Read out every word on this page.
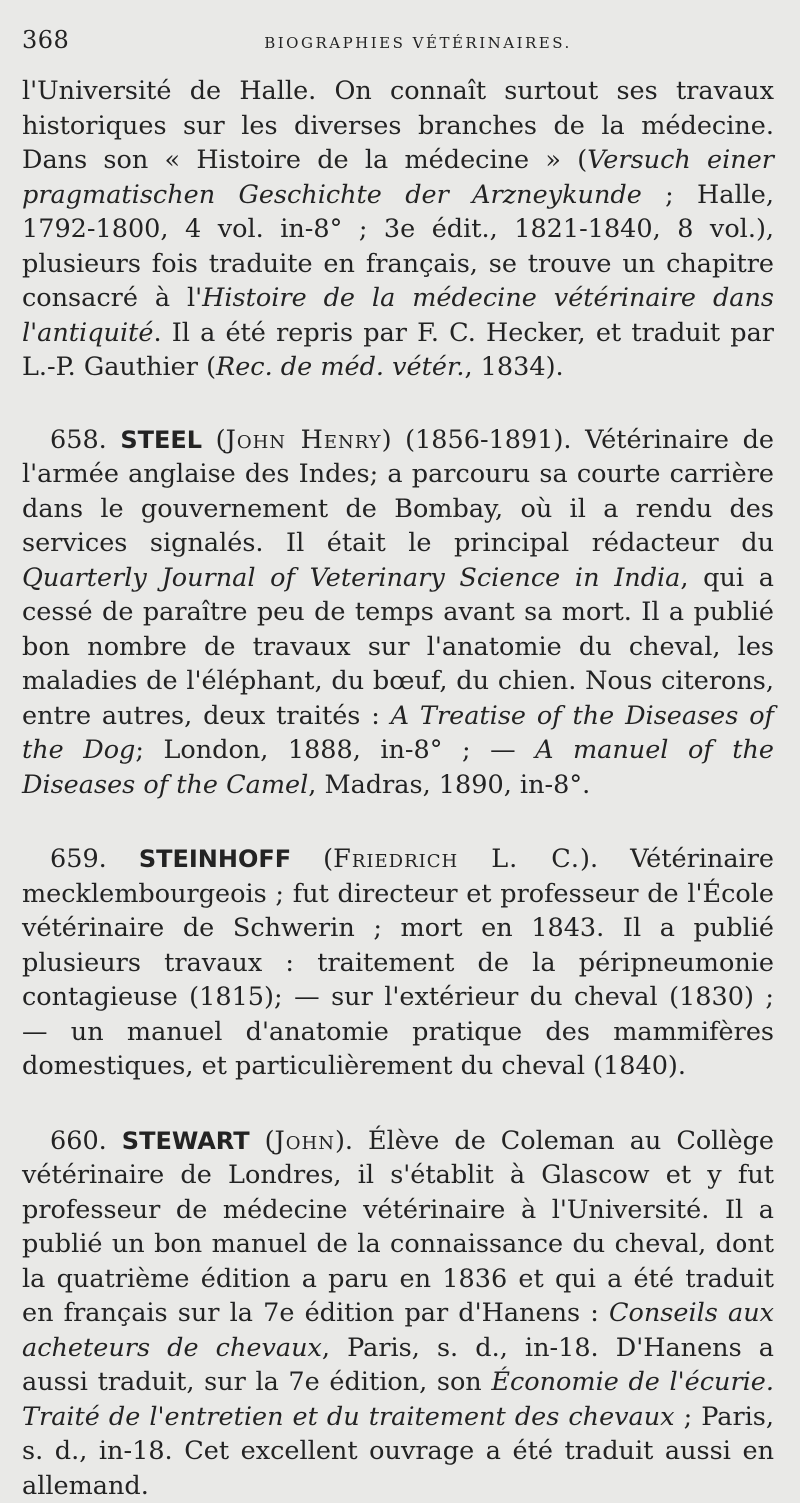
368	BIOGRAPHIES VÉTÉRINAIRES.

l'Université de Halle. On connaît surtout ses travaux historiques sur les diverses branches de la médecine. Dans son « Histoire de la médecine » (Versuch einer pragmatischen Geschichte der Arzneykunde ; Halle, 1792-1800, 4 vol. in-8° ; 3e édit., 1821-1840, 8 vol.), plusieurs fois traduite en français, se trouve un chapitre consacré à l'Histoire de la médecine vétérinaire dans l'antiquité. Il a été repris par F. C. Hecker, et traduit par L.-P. Gauthier (Rec. de méd. vétér., 1834).

658. STEEL (John Henry) (1856-1891). Vétérinaire de l'armée anglaise des Indes; a parcouru sa courte carrière dans le gouvernement de Bombay, où il a rendu des services signalés. Il était le principal rédacteur du Quarterly Journal of Veterinary Science in India, qui a cessé de paraître peu de temps avant sa mort. Il a publié bon nombre de travaux sur l'anatomie du cheval, les maladies de l'éléphant, du bœuf, du chien. Nous citerons, entre autres, deux traités : A Treatise of the Diseases of the Dog; London, 1888, in-8° ; — A manuel of the Diseases of the Camel, Madras, 1890, in-8°.

659. STEINHOFF (Friedrich L. C.). Vétérinaire mecklembourgeois ; fut directeur et professeur de l'École vétérinaire de Schwerin ; mort en 1843. Il a publié plusieurs travaux : traitement de la péripneumonie contagieuse (1815); — sur l'extérieur du cheval (1830) ; — un manuel d'anatomie pratique des mammifères domestiques, et particulièrement du cheval (1840).

660. STEWART (John). Élève de Coleman au Collège vétérinaire de Londres, il s'établit à Glascow et y fut professeur de médecine vétérinaire à l'Université. Il a publié un bon manuel de la connaissance du cheval, dont la quatrième édition a paru en 1836 et qui a été traduit en français sur la 7e édition par d'Hanens : Conseils aux acheteurs de chevaux, Paris, s. d., in-18. D'Hanens a aussi traduit, sur la 7e édition, son Économie de l'écurie. Traité de l'entretien et du traitement des chevaux ; Paris, s. d., in-18. Cet excellent ouvrage a été traduit aussi en allemand.
